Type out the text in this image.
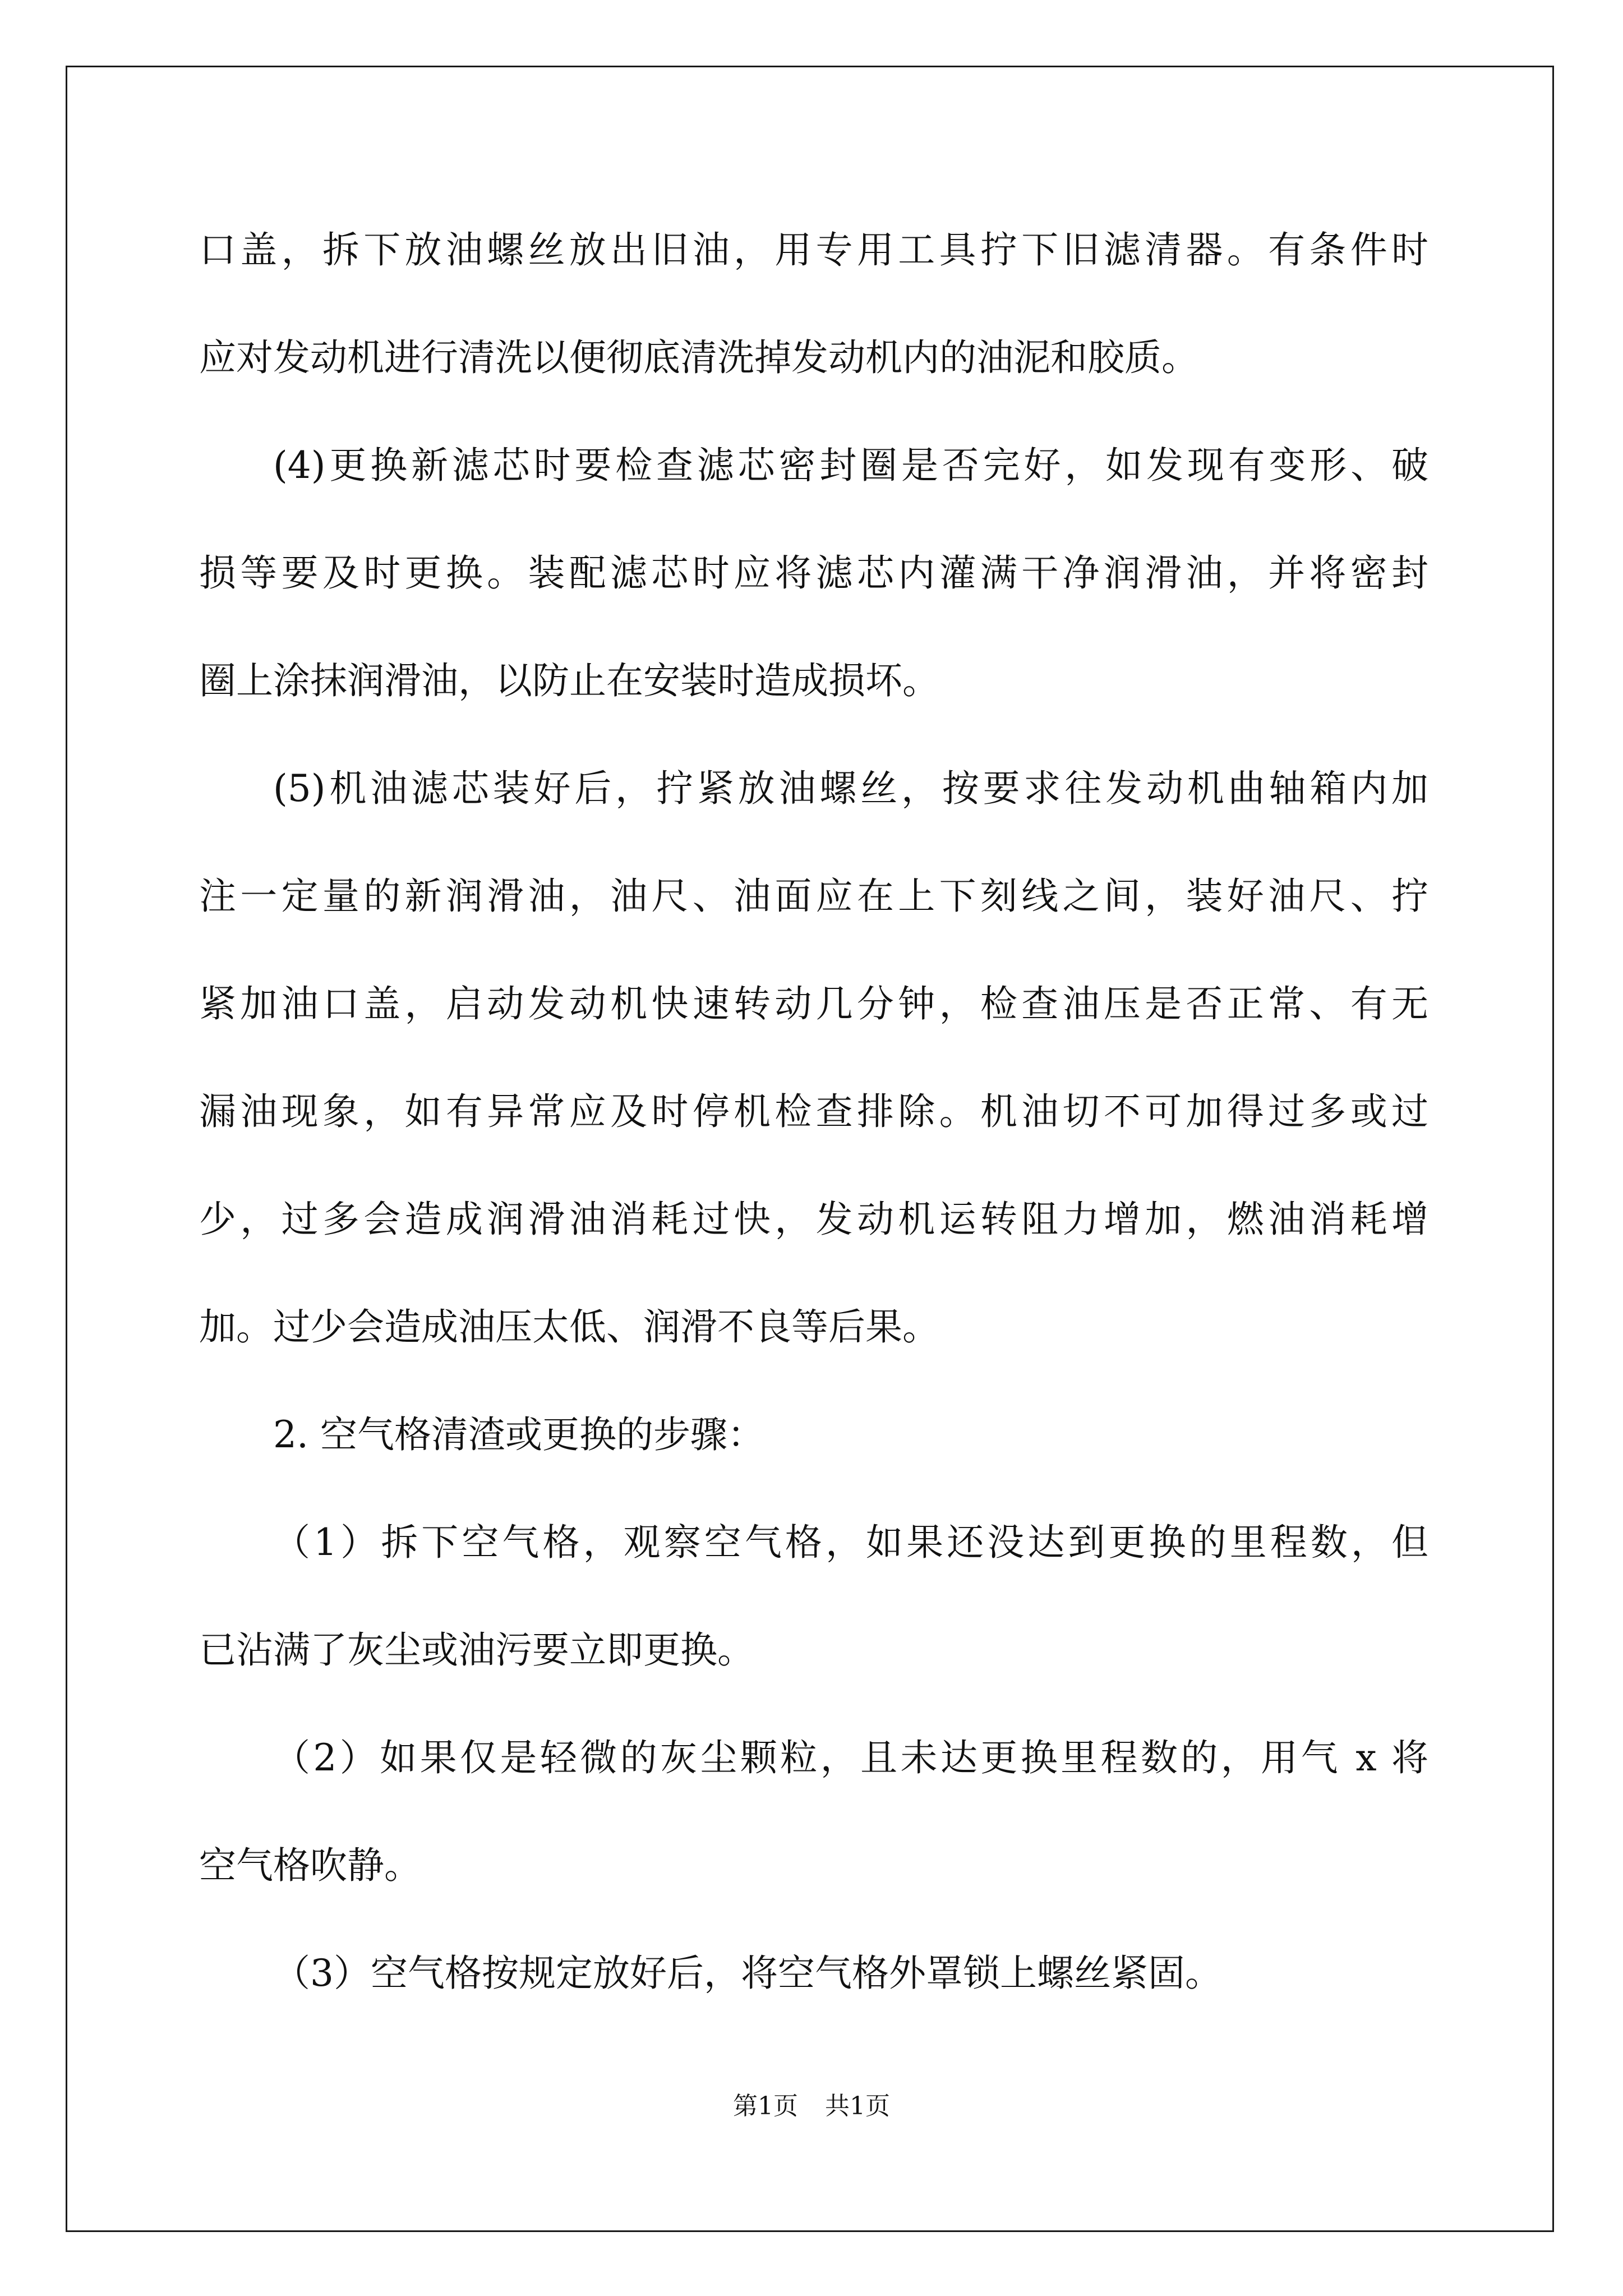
口盖，拆下放油螺丝放出旧油，用专用工具拧下旧滤清器。有条件时
应对发动机进行清洗以便彻底清洗掉发动机内的油泥和胶质。
(4)更换新滤芯时要检查滤芯密封圈是否完好，如发现有变形、破
损等要及时更换。装配滤芯时应将滤芯内灌满干净润滑油，并将密封
圈上涂抹润滑油，以防止在安装时造成损坏。
(5)机油滤芯装好后，拧紧放油螺丝，按要求往发动机曲轴箱内加
注一定量的新润滑油，油尺、油面应在上下刻线之间，装好油尺、拧
紧加油口盖，启动发动机快速转动几分钟，检查油压是否正常、有无
漏油现象，如有异常应及时停机检查排除。机油切不可加得过多或过
少，过多会造成润滑油消耗过快，发动机运转阻力增加，燃油消耗增
加。过少会造成油压太低、润滑不良等后果。
2. 空气格清渣或更换的步骤：
（1）拆下空气格，观察空气格，如果还没达到更换的里程数，但
已沾满了灰尘或油污要立即更换。
（2）如果仅是轻微的灰尘颗粒，且未达更换里程数的，用气 x 将
空气格吹静。
（3）空气格按规定放好后，将空气格外罩锁上螺丝紧固。
第1页 共1页
